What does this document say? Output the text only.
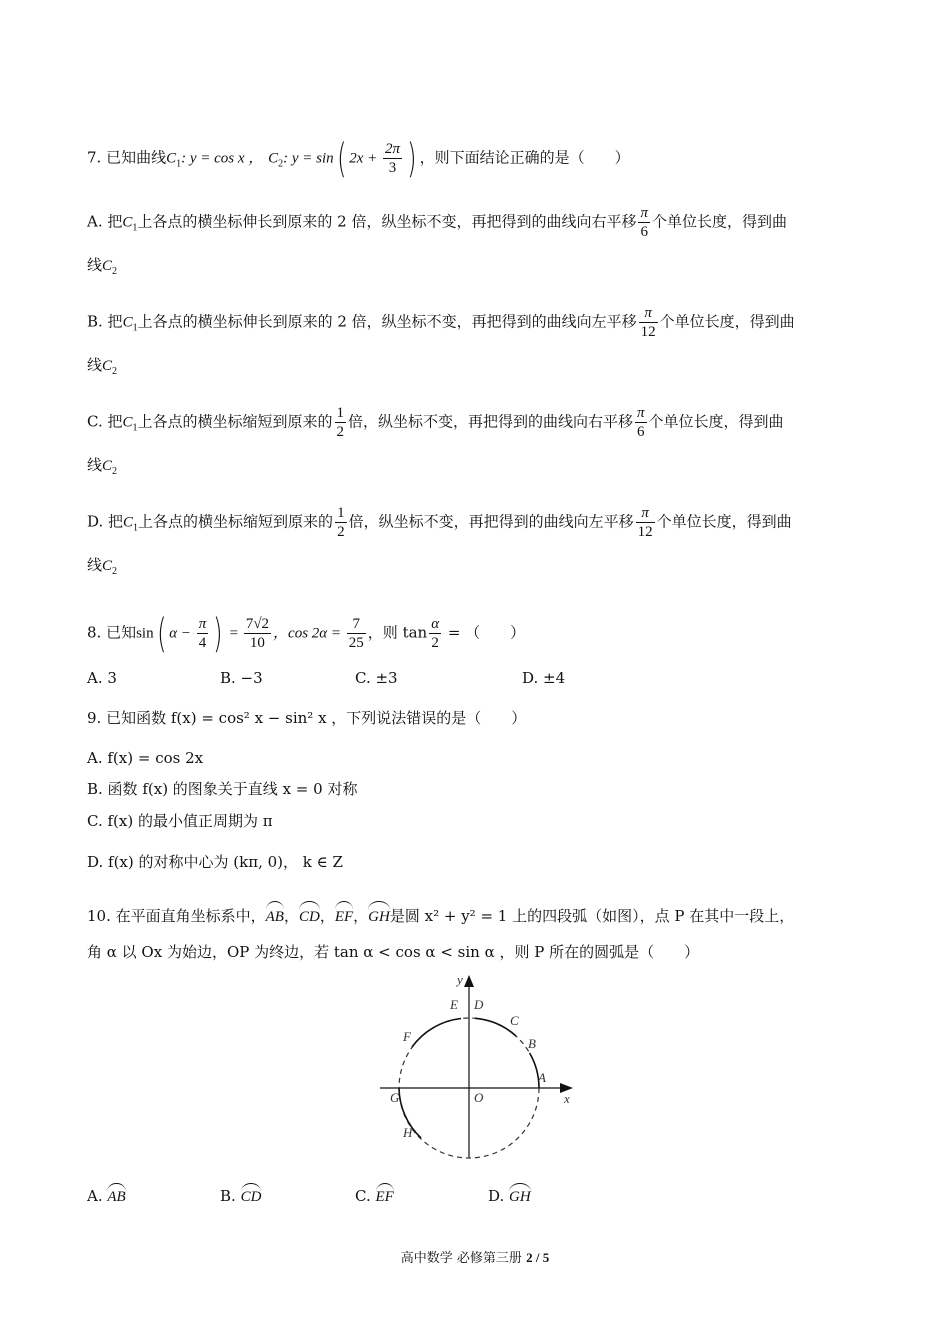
7. 已知曲线$C_1$: y = cos x ， $C_2$: y = sin( $2x + \frac{2\pi}{3}$ ) ，则下面结论正确的是（　　）
A. 把$C_1$上各点的横坐标伸长到原来的 2 倍，纵坐标不变，再把得到的曲线向右平移 $\frac{\pi}{6}$ 个单位长度，得到曲
线$C_2$
B. 把$C_1$上各点的横坐标伸长到原来的 2 倍，纵坐标不变，再把得到的曲线向左平移 $\frac{\pi}{12}$ 个单位长度，得到曲
线$C_2$
C. 把$C_1$上各点的横坐标缩短到原来的 $\frac{1}{2}$ 倍，纵坐标不变，再把得到的曲线向右平移 $\frac{\pi}{6}$ 个单位长度，得到曲
线$C_2$
D. 把$C_1$上各点的横坐标缩短到原来的 $\frac{1}{2}$ 倍，纵坐标不变，再把得到的曲线向左平移 $\frac{\pi}{12}$ 个单位长度，得到曲
线$C_2$
8. 已知sin( $\alpha - \frac{\pi}{4}$ ) = $\frac{7√2}{10}$ ，$\cos 2\alpha = \frac{7}{25}$ ，则 $\tan \frac{\alpha}{2}$ = （　　）
A. 3	B. −3	C. ±3	D. ±4
9. 已知函数 f(x) = cos² x − sin² x ，下列说法错误的是（　　）
A. f(x) = cos 2x
B. 函数 f(x) 的图象关于直线 x = 0 对称
C. f(x) 的最小值正周期为 π
D. f(x) 的对称中心为 (kπ, 0)， k ∈ Z
10. 在平面直角坐标系中，AB，CD，EF，GH是圆 x² + y² = 1 上的四段弧（如图），点 P 在其中一段上，
角 α 以 Ox 为始边，OP 为终边，若 tan α < cos α < sin α ，则 P 所在的圆弧是（　　）
y
x
O
A
B
C
D
E
F
G
H
A. AB	B. CD	C. EF	D. GH
高中数学 必修第三册 2 / 5
